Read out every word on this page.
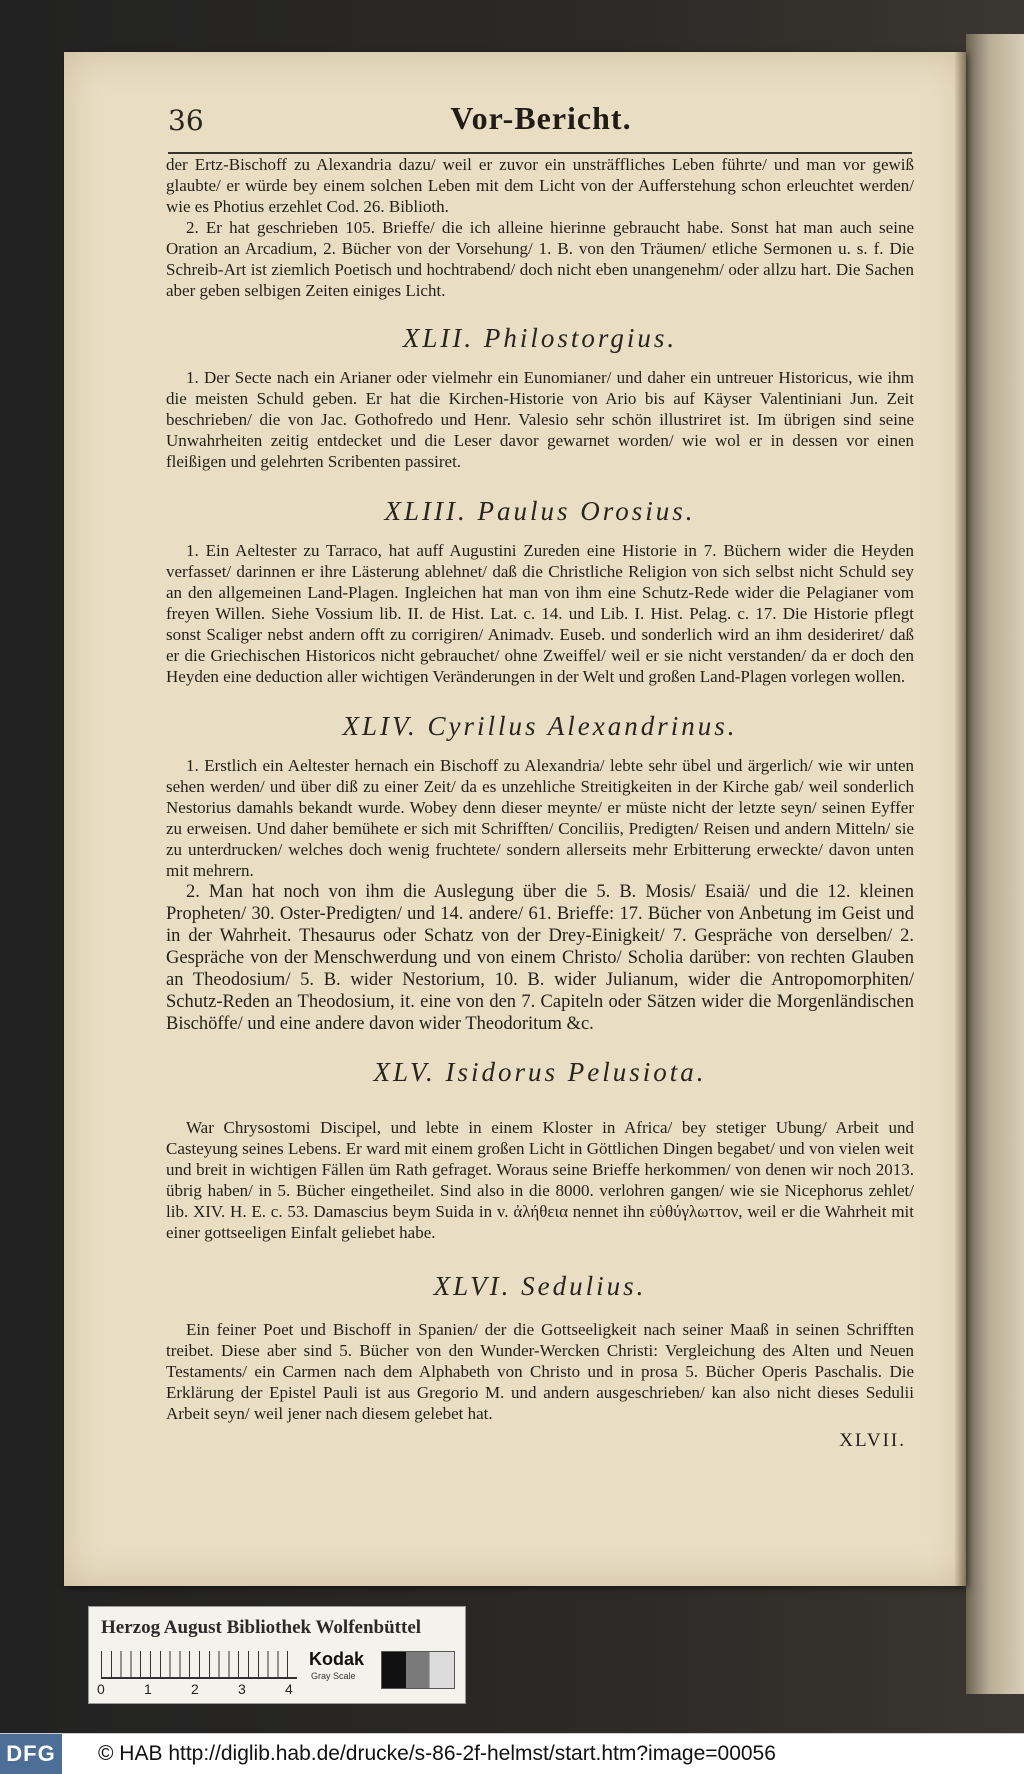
36	Vor-Bericht.

der Ertz-Bischoff zu Alexandria dazu/ weil er zuvor ein unsträffliches Leben führte/ und man vor gewiß glaubte/ er würde bey einem solchen Leben mit dem Licht von der Aufferstehung schon erleuchtet werden/ wie es Photius erzehlet Cod. 26. Biblioth.

2. Er hat geschrieben 105. Brieffe/ die ich alleine hierinne gebraucht habe. Sonst hat man auch seine Oration an Arcadium, 2. Bücher von der Vorsehung/ 1. B. von den Träumen/ etliche Sermonen u. s. f. Die Schreib-Art ist ziemlich Poetisch und hochtrabend/ doch nicht eben unangenehm/ oder allzu hart. Die Sachen aber geben selbigen Zeiten einiges Licht.

XLII. Philostorgius.

1. Der Secte nach ein Arianer oder vielmehr ein Eunomianer/ und daher ein untreuer Historicus, wie ihm die meisten Schuld geben. Er hat die Kirchen-Historie von Ario bis auf Käyser Valentiniani Jun. Zeit beschrieben/ die von Jac. Gothofredo und Henr. Valesio sehr schön illustriret ist. Im übrigen sind seine Unwahrheiten zeitig entdecket und die Leser davor gewarnet worden/ wie wol er in dessen vor einen fleißigen und gelehrten Scribenten passiret.

XLIII. Paulus Orosius.

1. Ein Aeltester zu Tarraco, hat auff Augustini Zureden eine Historie in 7. Büchern wider die Heyden verfasset/ darinnen er ihre Lästerung ablehnet/ daß die Christliche Religion von sich selbst nicht Schuld sey an den allgemeinen Land-Plagen. Ingleichen hat man von ihm eine Schutz-Rede wider die Pelagianer vom freyen Willen. Siehe Vossium lib. II. de Hist. Lat. c. 14. und Lib. I. Hist. Pelag. c. 17. Die Historie pflegt sonst Scaliger nebst andern offt zu corrigiren/ Animadv. Euseb. und sonderlich wird an ihm desideriret/ daß er die Griechischen Historicos nicht gebrauchet/ ohne Zweiffel/ weil er sie nicht verstanden/ da er doch den Heyden eine deduction aller wichtigen Veränderungen in der Welt und großen Land-Plagen vorlegen wollen.

XLIV. Cyrillus Alexandrinus.

1. Erstlich ein Aeltester hernach ein Bischoff zu Alexandria/ lebte sehr übel und ärgerlich/ wie wir unten sehen werden/ und über diß zu einer Zeit/ da es unzehliche Streitigkeiten in der Kirche gab/ weil sonderlich Nestorius damahls bekandt wurde. Wobey denn dieser meynte/ er müste nicht der letzte seyn/ seinen Eyffer zu erweisen. Und daher bemühete er sich mit Schrifften/ Conciliis, Predigten/ Reisen und andern Mitteln/ sie zu unterdrucken/ welches doch wenig fruchtete/ sondern allerseits mehr Erbitterung erweckte/ davon unten mit mehrern.

2. Man hat noch von ihm die Auslegung über die 5. B. Mosis/ Esaiä/ und die 12. kleinen Propheten/ 30. Oster-Predigten/ und 14. andere/ 61. Brieffe: 17. Bücher von Anbetung im Geist und in der Wahrheit. Thesaurus oder Schatz von der Drey-Einigkeit/ 7. Gespräche von derselben/ 2. Gespräche von der Menschwerdung und von einem Christo/ Scholia darüber: von rechten Glauben an Theodosium/ 5. B. wider Nestorium, 10. B. wider Julianum, wider die Antropomorphiten/ Schutz-Reden an Theodosium, it. eine von den 7. Capiteln oder Sätzen wider die Morgenländischen Bischöffe/ und eine andere davon wider Theodoritum &c.

XLV. Isidorus Pelusiota.

War Chrysostomi Discipel, und lebte in einem Kloster in Africa/ bey stetiger Ubung/ Arbeit und Casteyung seines Lebens. Er ward mit einem großen Licht in Göttlichen Dingen begabet/ und von vielen weit und breit in wichtigen Fällen üm Rath gefraget. Woraus seine Brieffe herkommen/ von denen wir noch 2013. übrig haben/ in 5. Bücher eingetheilet. Sind also in die 8000. verlohren gangen/ wie sie Nicephorus zehlet/ lib. XIV. H. E. c. 53. Damascius beym Suida in v. ἀλήθεια nennet ihn εὐθύγλωττον, weil er die Wahrheit mit einer gottseeligen Einfalt geliebet habe.

XLVI. Sedulius.

Ein feiner Poet und Bischoff in Spanien/ der die Gottseeligkeit nach seiner Maaß in seinen Schrifften treibet. Diese aber sind 5. Bücher von den Wunder-Wercken Christi: Vergleichung des Alten und Neuen Testaments/ ein Carmen nach dem Alphabeth von Christo und in prosa 5. Bücher Operis Paschalis. Die Erklärung der Epistel Pauli ist aus Gregorio M. und andern ausgeschrieben/ kan also nicht dieses Sedulii Arbeit seyn/ weil jener nach diesem gelebet hat.

XLVII.
Herzog August Bibliothek Wolfenbüttel
0	1	2	3	4
Kodak
Gray Scale
DFG © HAB http://diglib.hab.de/drucke/s-86-2f-helmst/start.htm?image=00056
